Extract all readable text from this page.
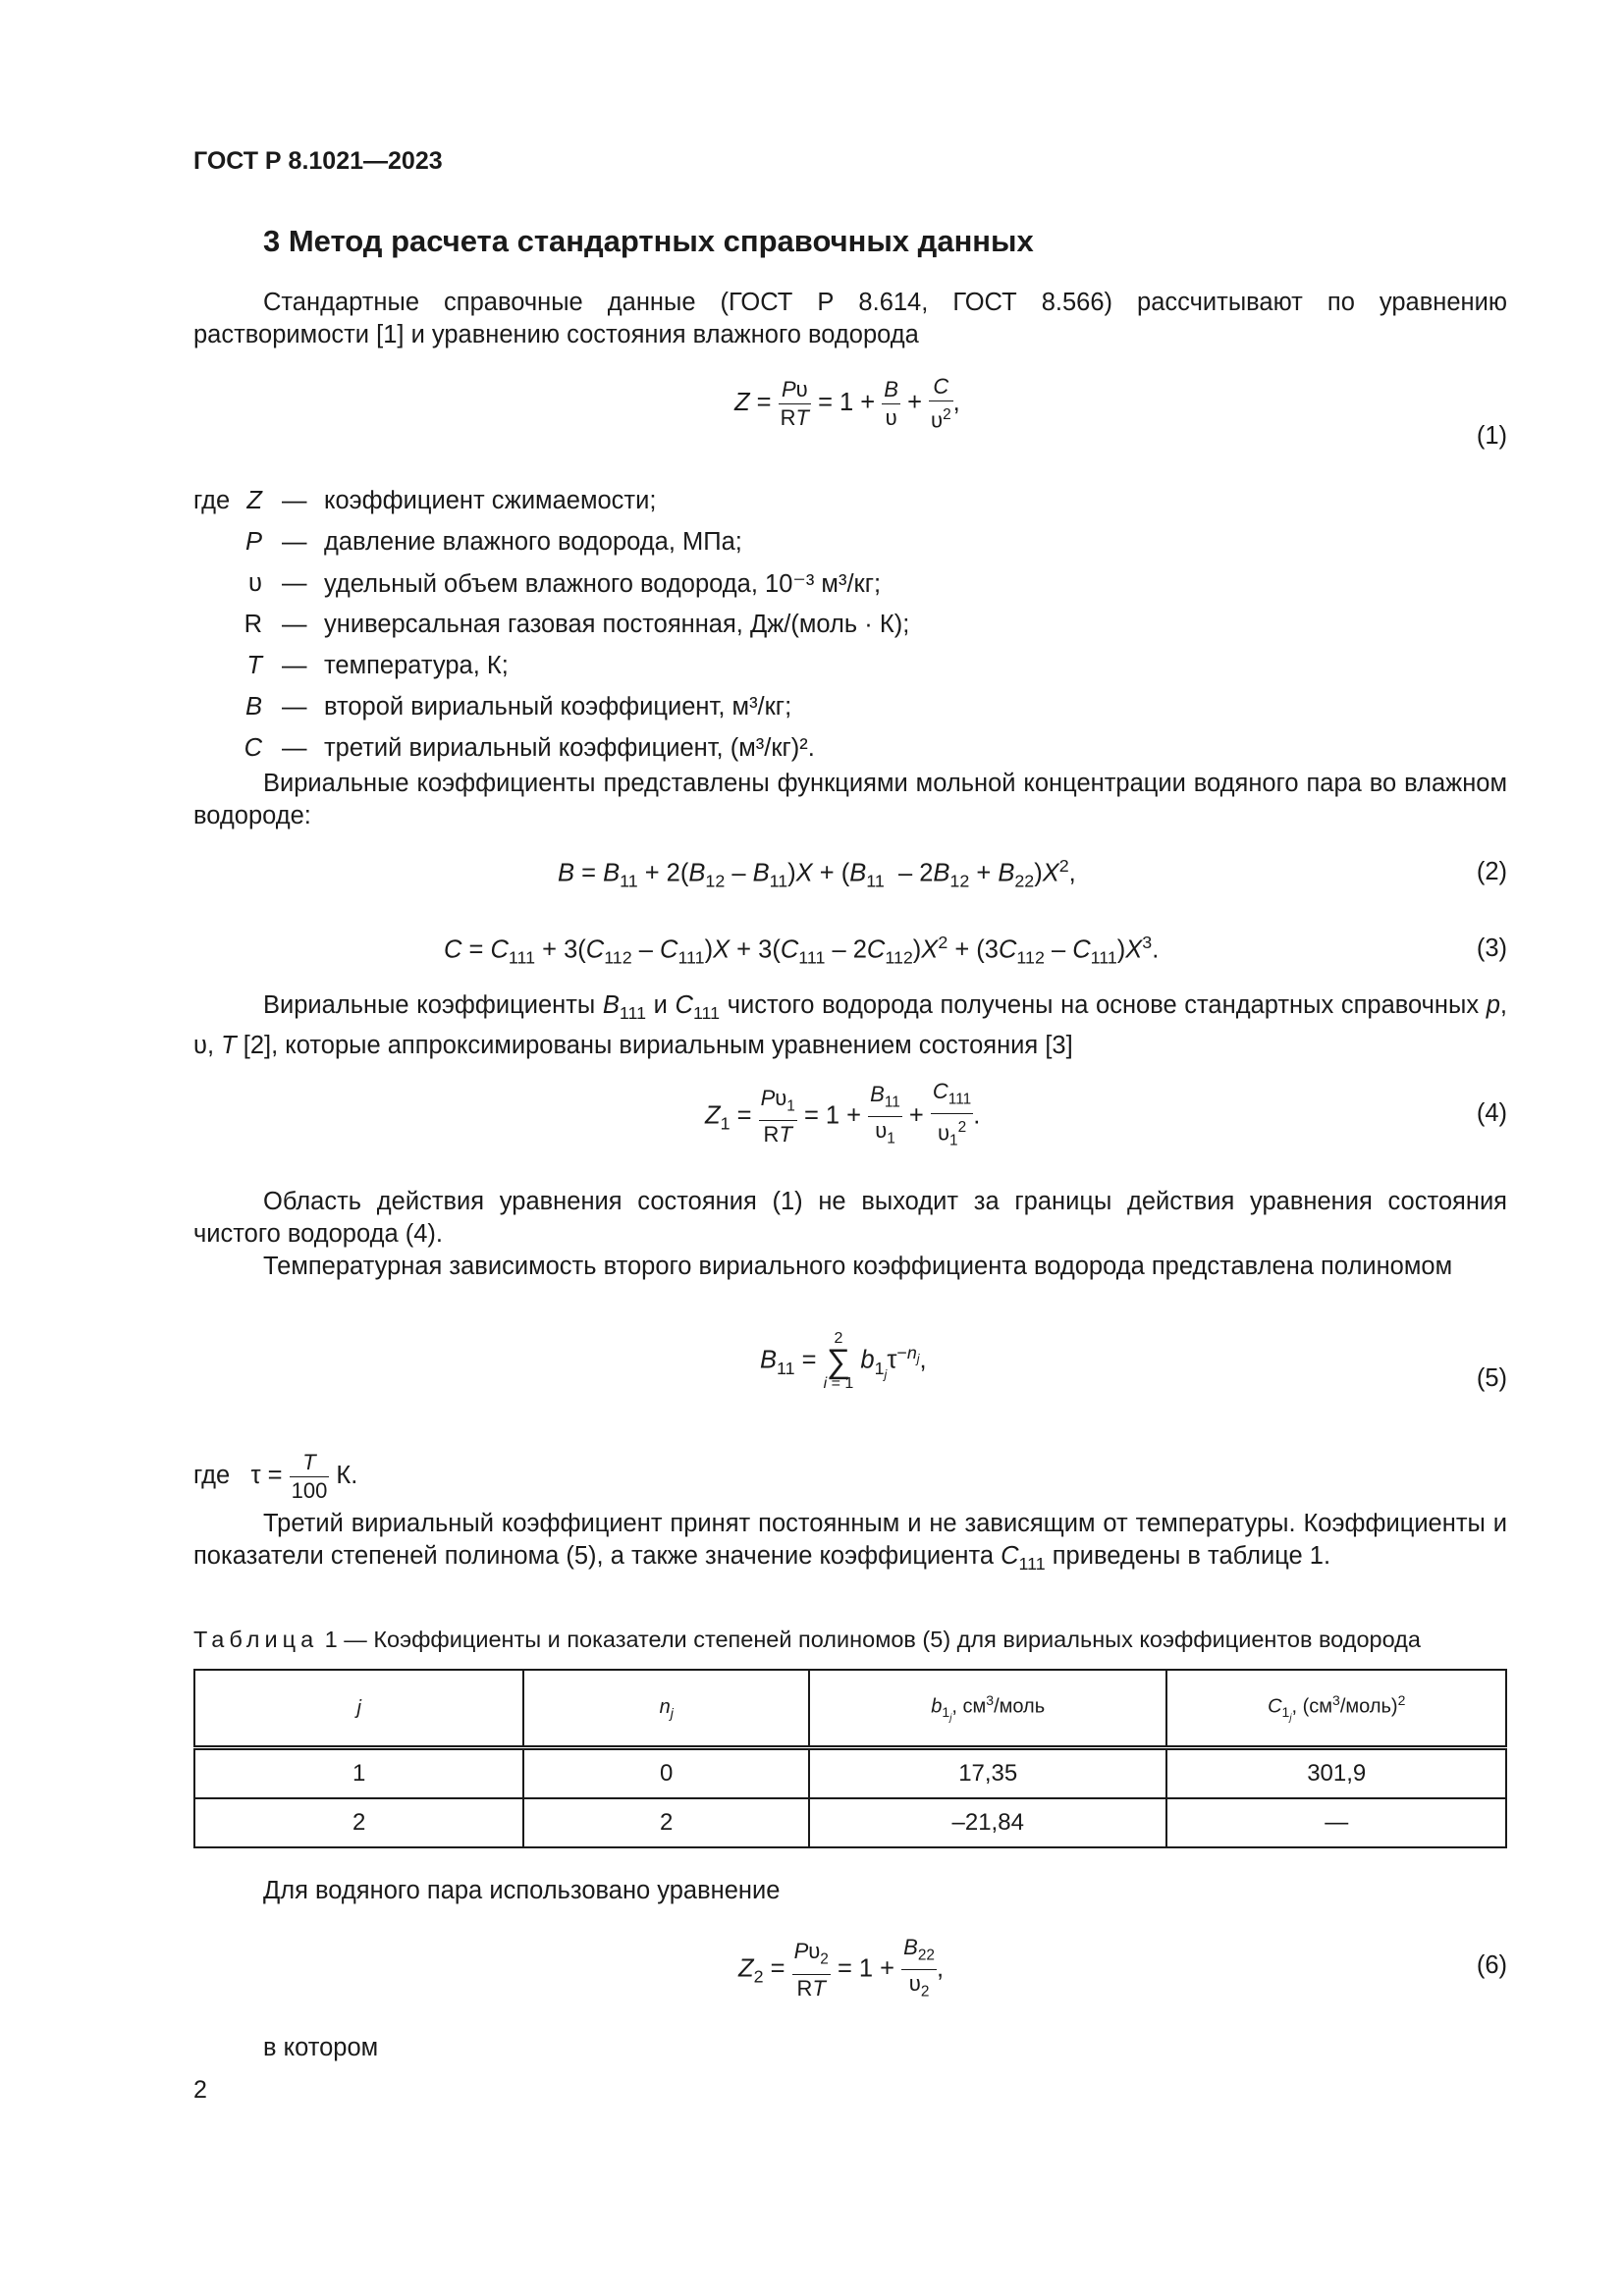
ГОСТ Р 8.1021—2023
3 Метод расчета стандартных справочных данных
Стандартные справочные данные (ГОСТ Р 8.614, ГОСТ 8.566) рассчитывают по уравнению растворимости [1] и уравнению состояния влажного водорода
$Z = \frac{P\upsilon}{RT} = 1 + \frac{B}{\upsilon} + \frac{C}{\upsilon^2}$ ,
(1)
где Z — коэффициент сжимаемости;
P — давление влажного водорода, МПа;
υ — удельный объем влажного водорода, 10⁻³ м³/кг;
R — универсальная газовая постоянная, Дж/(моль · К);
T — температура, К;
B — второй вириальный коэффициент, м³/кг;
C — третий вириальный коэффициент, (м³/кг)².
Вириальные коэффициенты представлены функциями мольной концентрации водяного пара во влажном водороде:
$B = B_{11} + 2(B_{12} - B_{11})X + (B_{11} - 2B_{12} + B_{22})X^2$,	(2)
$C = C_{111} + 3(C_{112} - C_{111})X + 3(C_{111} - 2C_{112})X^2 + (3C_{112} - C_{111})X^3$.	(3)
Вириальные коэффициенты $B_{111}$ и $C_{111}$ чистого водорода получены на основе стандартных справочных p, υ, T [2], которые аппроксимированы вириальным уравнением состояния [3]
$Z_1 = \frac{P\upsilon_1}{RT} = 1 + \frac{B_{11}}{\upsilon_1} + \frac{C_{111}}{\upsilon_1^2}$ .	(4)
Область действия уравнения состояния (1) не выходит за границы действия уравнения состояния чистого водорода (4).
Температурная зависимость второго вириального коэффициента водорода представлена полиномом
$B_{11} = 2$
∑
i = 1 $b_{1_j}\tau^{-n_j}$,
(5)
где   $\tau = \frac{T}{100} К$.
Третий вириальный коэффициент принят постоянным и не зависящим от температуры. Коэффициенты и показатели степеней полинома (5), а также значение коэффициента $C_{111}$ приведены в таблице 1.
Таблица 1 — Коэффициенты и показатели степеней полиномов (5) для вириальных коэффициентов водорода
j	$n_j$	$b_{1_j}$, $см^3$/моль	$C_{1_j}$, $(см^3/моль)^2$
1	0	17,35	301,9
2	2	–21,84	—
Для водяного пара использовано уравнение
$Z_2 = \frac{P\upsilon_2}{RT} = 1 + \frac{B_{22}}{\upsilon_2}$ ,	(6)
в котором
2
